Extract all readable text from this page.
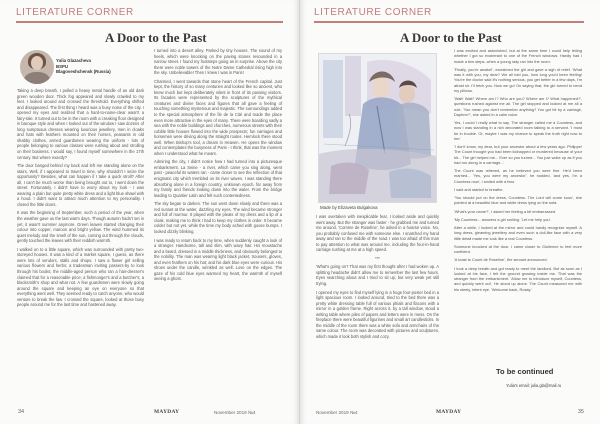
LITERATURE CORNER
A Door to the Past
Yulia Glazacheva
BSPU
Blagoveshchensk (Russia)

Taking a deep breath, I pulled a heavy metal handle of an old dark green wooden door. Thick fog appeared and slowly crawled to my feet. I looked around and crossed the threshold. Everything shifted and disappeared. The first thing I heard was a busy noise of the city. I opened my eyes and realized that a hard-to-name-clear wasn't a fairy-tale. It turned out to be in the room with a creaking floor designed in baroque style and when I looked out of the window I saw dozens of long sumptuous dresses wearing luxurious jewellery, men in cloaks and hats with feathers mounted on their horses, peasants in old shabby clothes, armed guardsmen wearing the uniform - lots of people belonging to various classes were rushing about and strolling on their business. I would say, I found myself somewhere in the 17th century. But where exactly?

The door banged behind my back and left me standing alone on the stairs. Well, if I appeared to travel in time, why shouldn't I seize the opportunity? Besides, what can happen if I take a quick stroll? After all, I can't be much worse than being brought out to, I went down the street. Fortunately, I didn't have to worry about my look - I was wearing a plain but quite pretty white dress and a light blue shawl with a hood. I didn't want to attract much attention to my personality. I closed the little doors.

It was the beginning of September, such a period of the year, when the weather gave us the last warm days. Though autumn hadn't set in yet, it wasn't summer anymore. Green leaves started changing their colour into copper, maroon and bright yellow. The wind hummed its quiet melody and the smell of the sun, coming out through the clouds, gently touched the leaves with their reddish warmth.

I walked on to a little square, which was surrounded with pretty two-storeyed houses. It was a kind of a market square, I guess, as there were lots of vendors, stalls and shops. I saw a flower girl selling various flowers and herbs; a tradesman inviting passers-by to look through his books; the middle-aged person who ran a hair-dresser's claimed that for a reasonable price; a fishmonger's and a butcher's; a blacksmith's shop and what not. A few guardsmen were slowly going around the square and keeping an eye on everyone so that everything went well. They seemed ready to catch anyone, who would venture to break the law. I crossed the square, looked at those busy people around me for the last time and hastened away.

I turned into a desert alley. Parked by tiny houses. The sound of my heels, which were knocking on the paving stones resounded in a narrow street. I found my footsteps going as in surprise. Above the city there were noble towers of the Notre Dame Cathedral rising high into the sky. Unbelievable! Then I knew I was in Paris!

Charmed, I went towards that stone heart of the French capital. Just kept, the history of so many centuries and looked like so ancient, who knew much but kept deliberately silent in front of its passing visitors. Its facades were represented by the sculptures of the mythical creatures and divine faces and figures that all gave a feeling of touching something mysterious and majestic. The surroundings added to the special atmosphere of the Île de la Cité and made the place even more attractive in the eyes of many. There were boarding sadly a sea with the noble buildings and churches, numerous streets with their cobble little houses flowed into the wide prospects; fun carriages and horsemen were driving along the straight routes. Hemlock there stood well. When Bishop's tool, a dream in Heaven. He opens the window and contemplates the busyness of Paris - I think, that was the moment when I understood what he meant.

Admiring the city, I didn't notice how I had turned into a picturesque embankment. La Seine - a river, which came you sing along, went past - peaceful its waters ran - came closer to see the reflection of that enigmatic city which trembled on its river waves. I was standing there absorbing alone in a foreign country, unknown epoch, far away from my family and friends looking down into the water. From the bridge leading to Quartier Latin and felt such contentedness.

The sky began to darken. The sun went down slowly and there was a red sunset at the water, dazzling my eyes. The wind became stronger and full of murmur. It played with the pleats of my dress and a lip of a cloak, making me to think I had to keep my clothes in order. It became colder but not yet, while the time my body ached with goose bumps. I looked dizzily blinking.

I was ready to return back to my time, when suddenly caught a look of a stranger. Handsome, tall and slim, with wavy hair. His moustache and a beard, dressed in a middle thickness, and obviously belonged to the nobility. The man was wearing light black jacket, trousers, gloves, and even feathers on his hat; and his dark blue eyes were curious. His shoes under the candle, wrinkled as well. Love on the edges. The gaze of his cold blue eyes warmed my heart, the warmth of myself seeing a ghost.

34	MAYDAY	November 2019 №4
LITERATURE CORNER
A Door to the Past
Made by Elizaveta Bulgakova

I was overtaken with inexplicable fear. I looked aside and quickly went away. But the stranger was faster - he grabbed me and turned me around. 'Comme de Roseline', he asked in a hoarse voice. No, you probably confused me with someone else. I snatched my hand away and ran to the middle of the road. I was too afraid of this man to pay attention to what was around me, including the four-in-hand carriage rushing at me at a high speed.

***

'What's going on? That was my first thought after I had woken up. A splitting headache didn't allow me to remember the last few hours. Eyes searching about and I tried to sit up, but very weak yet still trying.

I opened my eyes to find myself lying in a huge four-poster bed in a light spacious room. I looked around, tried to the bed there was a pretty white dressing table full of various phials and flacons with a mirror in a golden frame. Right across it, by a tall window, stood a writing table where piles of papers and letters were in mess. On the fireplace there were beautiful figurines and small art candlesticks. In the middle of the room there was a white sofa and armchairs of the same colour. The room was decorated with pictures and sculptures, which made it look both stylish and cozy.

I was excited and astonished, but at the same time I could help telling whether I got so exuberant to one of the French windows. Hardly had I made a few steps, when a young lady ran into the room.

'Finally, you're awake!', exclaimed the girl and gave a sigh of relief. 'What was it with you, my dear? We all told you, how long you'd been feeling! You're the doctor said it's nothing serious, you get better in a few days, I'm afraid sir. I'll fetch you. Now we go! On saying that, the girl turned to bend my pillows.

'Wait! Wait!' Where am I? Who are you? Where am I? What happened?', questions rushed against me all. The girl stopped and looked at me all a rule. 'You mean you don't remember anything? You got hit by a carriage, Daphne?', she asked in a calm voice.

Yes, I could I really what to say. The stranger called me a Countess, and now I was standing in a rich decorated room talking to a servant. 'I must be in trouble. Or, maybe I was my chance to speak the truth right now to her.'

'I don't know, my dear, but your ancestor about a few years ago. Philippe! The Count thought you had been kidnapped or murdered because of your hit... The girl helped me... Ever so you turned... You just woke up as if you had run along in a carriage...'

The Count was relieved, as he believed you were fine. He'd been married... 'Yes, you were my ancestor', he nodded, 'and yes, I'm a Countess now', I smiled with a fear.

I said and started to breathe.

'You should put on the dress, Countess. The Lord will come soon', she pointed at a beautiful blue and white dress lying on the sofa.

'What's your name?', I asked her feeling a bit embarrassed.

'My Countess... answers a girl smiling. 'Let me help you'.

After a while, I looked at the mirror and could hardly recognize myself. A long dress, gleaming jewellery and even such a doll-like face with a very little detail made me look like a real Countess.

Someone knocked at the door. I came closer to Giulienne to feel more confident.

'A toast to Count de Roseline', the servant announced.

I took a deep breath and got ready to meet the landlord. But as soon as I looked at his face, I felt the ground growing inside me. That was the stranger from the embankment. 'Allow me to introduce myself, Countess, and quickly went out', He stood up alone. The Count measured me with his steely, intent eye. 'Welcome back, Rosay.'

To be continued
Yulia's email: julia.gla@mail.ru
November 2019 №4	MAYDAY	35
